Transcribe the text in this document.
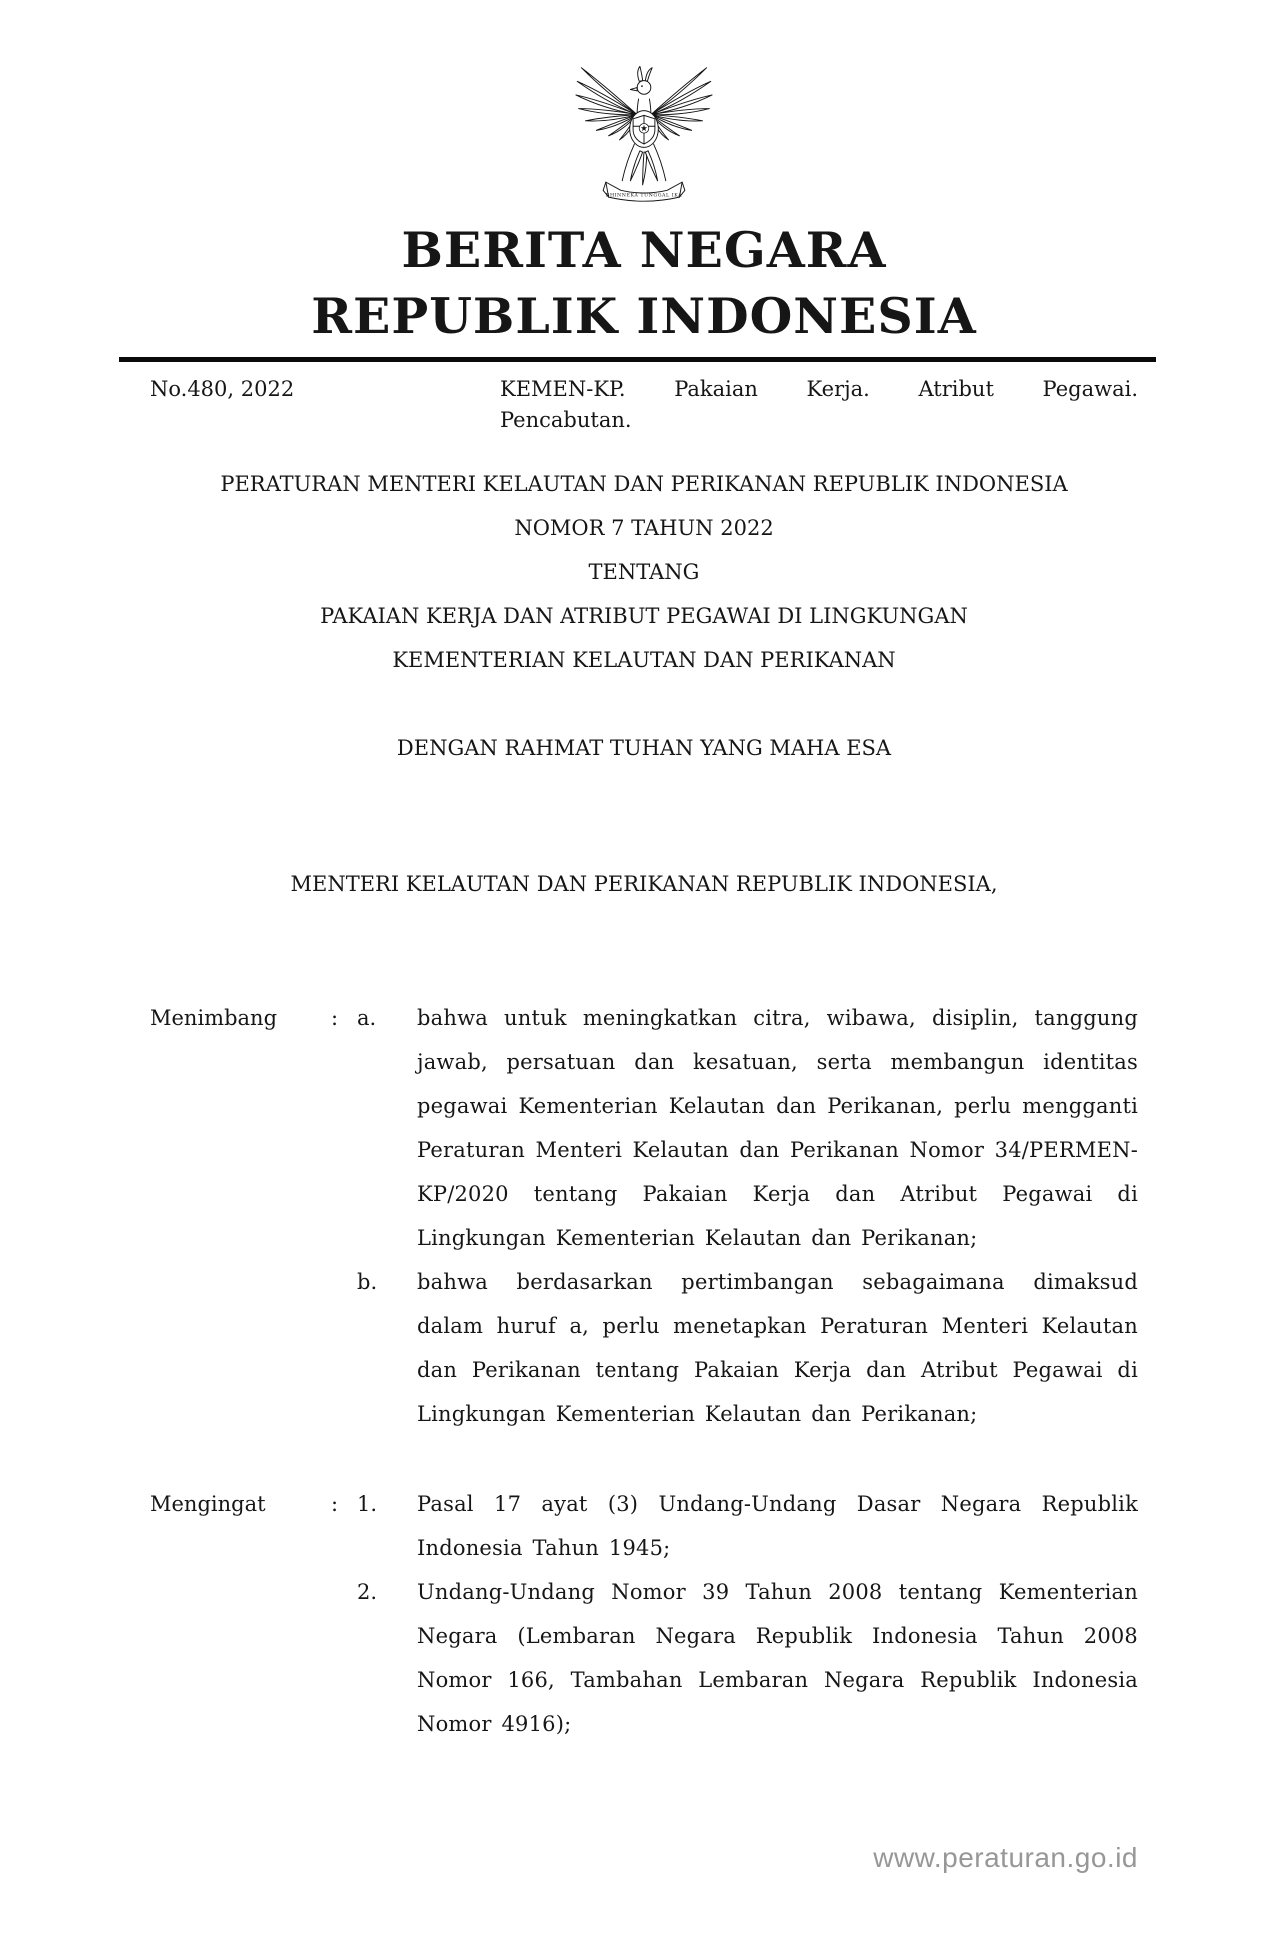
BHINNEKA TUNGGAL IKA
BERITA NEGARA
REPUBLIK INDONESIA
No.480, 2022	KEMEN-KP. Pakaian Kerja. Atribut Pegawai.
Pencabutan.

PERATURAN MENTERI KELAUTAN DAN PERIKANAN REPUBLIK INDONESIA

NOMOR 7 TAHUN 2022

TENTANG

PAKAIAN KERJA DAN ATRIBUT PEGAWAI DI LINGKUNGAN

KEMENTERIAN KELAUTAN DAN PERIKANAN

DENGAN RAHMAT TUHAN YANG MAHA ESA

MENTERI KELAUTAN DAN PERIKANAN REPUBLIK INDONESIA,

Menimbang	: a.	bahwa untuk meningkatkan citra, wibawa, disiplin, tanggung jawab, persatuan dan kesatuan, serta membangun identitas pegawai Kementerian Kelautan dan Perikanan, perlu mengganti Peraturan Menteri Kelautan dan Perikanan Nomor 34/PERMEN-KP/2020 tentang Pakaian Kerja dan Atribut Pegawai di Lingkungan Kementerian Kelautan dan Perikanan;
b.	bahwa berdasarkan pertimbangan sebagaimana dimaksud dalam huruf a, perlu menetapkan Peraturan Menteri Kelautan dan Perikanan tentang Pakaian Kerja dan Atribut Pegawai di Lingkungan Kementerian Kelautan dan Perikanan;
Mengingat	: 1.	Pasal 17 ayat (3) Undang-Undang Dasar Negara Republik Indonesia Tahun 1945;
2.	Undang-Undang Nomor 39 Tahun 2008 tentang Kementerian Negara (Lembaran Negara Republik Indonesia Tahun 2008 Nomor 166, Tambahan Lembaran Negara Republik Indonesia Nomor 4916);
www.peraturan.go.id
